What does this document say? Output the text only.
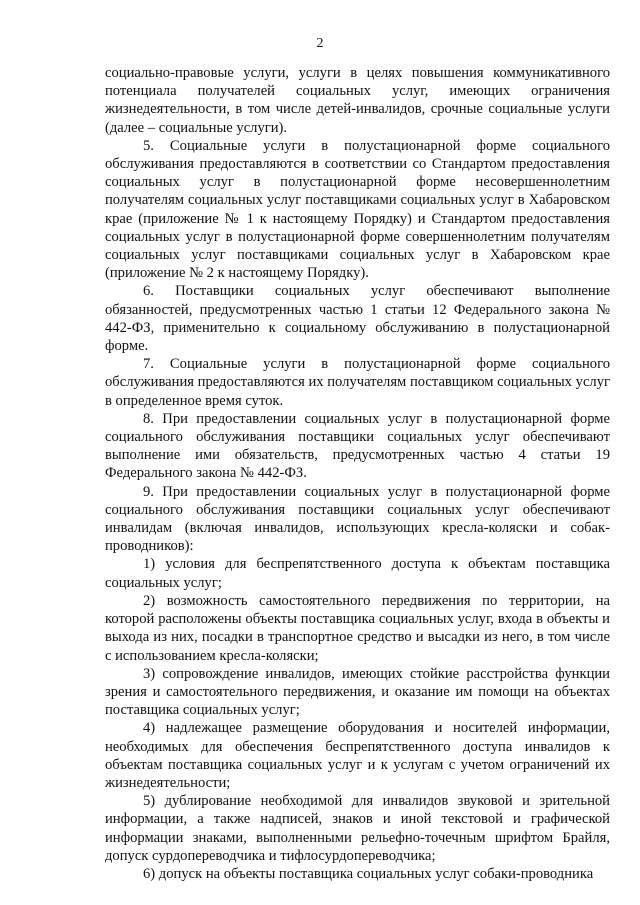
2

социально-правовые услуги, услуги в целях повышения коммуникативного потенциала получателей социальных услуг, имеющих ограничения жизнедеятельности, в том числе детей-инвалидов, срочные социальные услуги (далее – социальные услуги).

5. Социальные услуги в полустационарной форме социального обслуживания предоставляются в соответствии со Стандартом предоставления социальных услуг в полустационарной форме несовершеннолетним получателям социальных услуг поставщиками социальных услуг в Хабаровском крае (приложение № 1 к настоящему Порядку) и Стандартом предоставления социальных услуг в полустационарной форме совершеннолетним получателям социальных услуг поставщиками социальных услуг в Хабаровском крае (приложение № 2 к настоящему Порядку).

6. Поставщики социальных услуг обеспечивают выполнение обязанностей, предусмотренных частью 1 статьи 12 Федерального закона № 442-ФЗ, применительно к социальному обслуживанию в полустационарной форме.

7. Социальные услуги в полустационарной форме социального обслуживания предоставляются их получателям поставщиком социальных услуг в определенное время суток.

8. При предоставлении социальных услуг в полустационарной форме социального обслуживания поставщики социальных услуг обеспечивают выполнение ими обязательств, предусмотренных частью 4 статьи 19 Федерального закона № 442-ФЗ.

9. При предоставлении социальных услуг в полустационарной форме социального обслуживания поставщики социальных услуг обеспечивают инвалидам (включая инвалидов, использующих кресла-коляски и собак-проводников):

1) условия для беспрепятственного доступа к объектам поставщика социальных услуг;

2) возможность самостоятельного передвижения по территории, на которой расположены объекты поставщика социальных услуг, входа в объекты и выхода из них, посадки в транспортное средство и высадки из него, в том числе с использованием кресла-коляски;

3) сопровождение инвалидов, имеющих стойкие расстройства функции зрения и самостоятельного передвижения, и оказание им помощи на объектах поставщика социальных услуг;

4) надлежащее размещение оборудования и носителей информации, необходимых для обеспечения беспрепятственного доступа инвалидов к объектам поставщика социальных услуг и к услугам с учетом ограничений их жизнедеятельности;

5) дублирование необходимой для инвалидов звуковой и зрительной информации, а также надписей, знаков и иной текстовой и графической информации знаками, выполненными рельефно-точечным шрифтом Брайля, допуск сурдопереводчика и тифлосурдопереводчика;

6) допуск на объекты поставщика социальных услуг собаки-проводника
